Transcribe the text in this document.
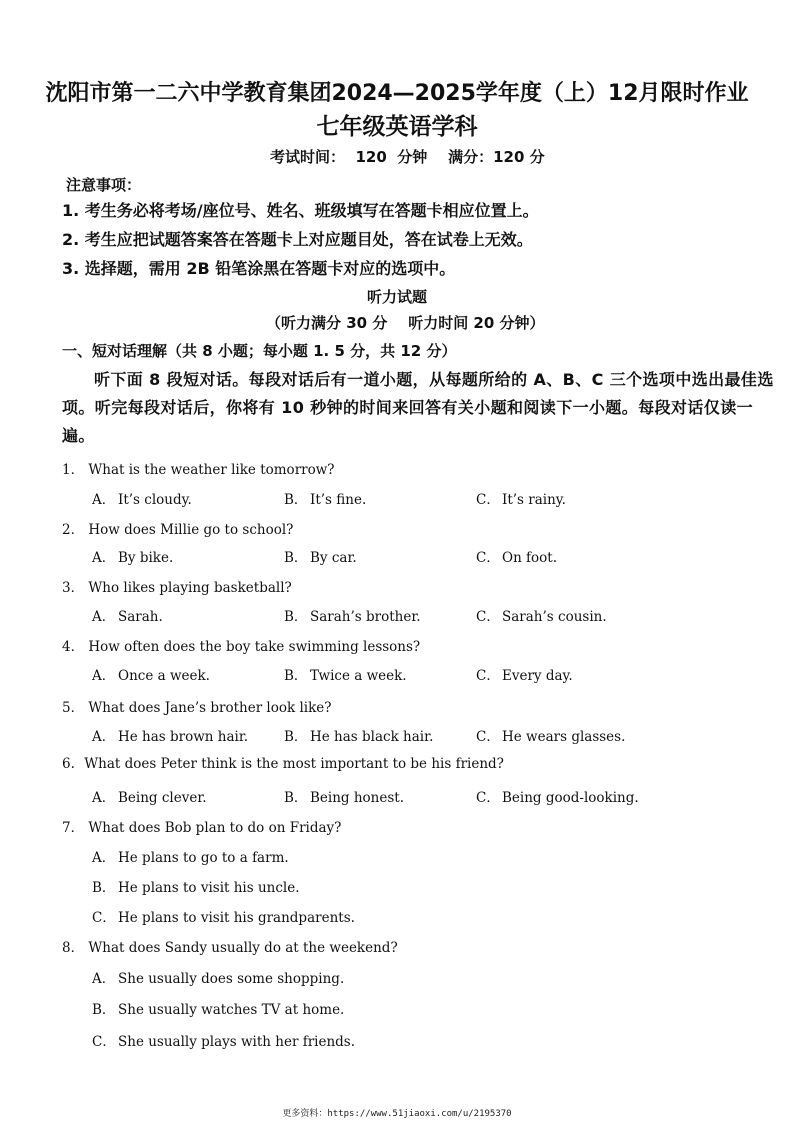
沈阳市第一二六中学教育集团2024—2025学年度（上）12月限时作业
七年级英语学科
考试时间：  120  分钟    满分：120 分
注意事项：
1. 考生务必将考场/座位号、姓名、班级填写在答题卡相应位置上。
2. 考生应把试题答案答在答题卡上对应题目处，答在试卷上无效。
3. 选择题，需用 2B 铅笔涂黑在答题卡对应的选项中。
听力试题
（听力满分 30 分    听力时间 20 分钟）
一、短对话理解（共 8 小题；每小题 1. 5 分，共 12 分）
听下面 8 段短对话。每段对话后有一道小题，从每题所给的 A、B、C 三个选项中选出最佳选项。听完每段对话后，你将有 10 秒钟的时间来回答有关小题和阅读下一小题。每段对话仅读一遍。
1． What is the weather like tomorrow?
A． It’s cloudy.	B． It’s fine.	C． It’s rainy.
2． How does Millie go to school?
A． By bike.	B． By car.	C． On foot.
3． Who likes playing basketball?
A． Sarah.	B． Sarah’s brother.	C． Sarah’s cousin.
4． How often does the boy take swimming lessons?
A． Once a week.	B． Twice a week.	C． Every day.
5． What does Jane’s brother look like?
A． He has brown hair.	B． He has black hair.	C． He wears glasses.
6. What does Peter think is the most important to be his friend?
A． Being clever.	B． Being honest.	C． Being good-looking.
7． What does Bob plan to do on Friday?
A． He plans to go to a farm.
B． He plans to visit his uncle.
C． He plans to visit his grandparents.
8． What does Sandy usually do at the weekend?
A． She usually does some shopping.
B． She usually watches TV at home.
C． She usually plays with her friends.
更多资料：https://www.51jiaoxi.com/u/2195370
